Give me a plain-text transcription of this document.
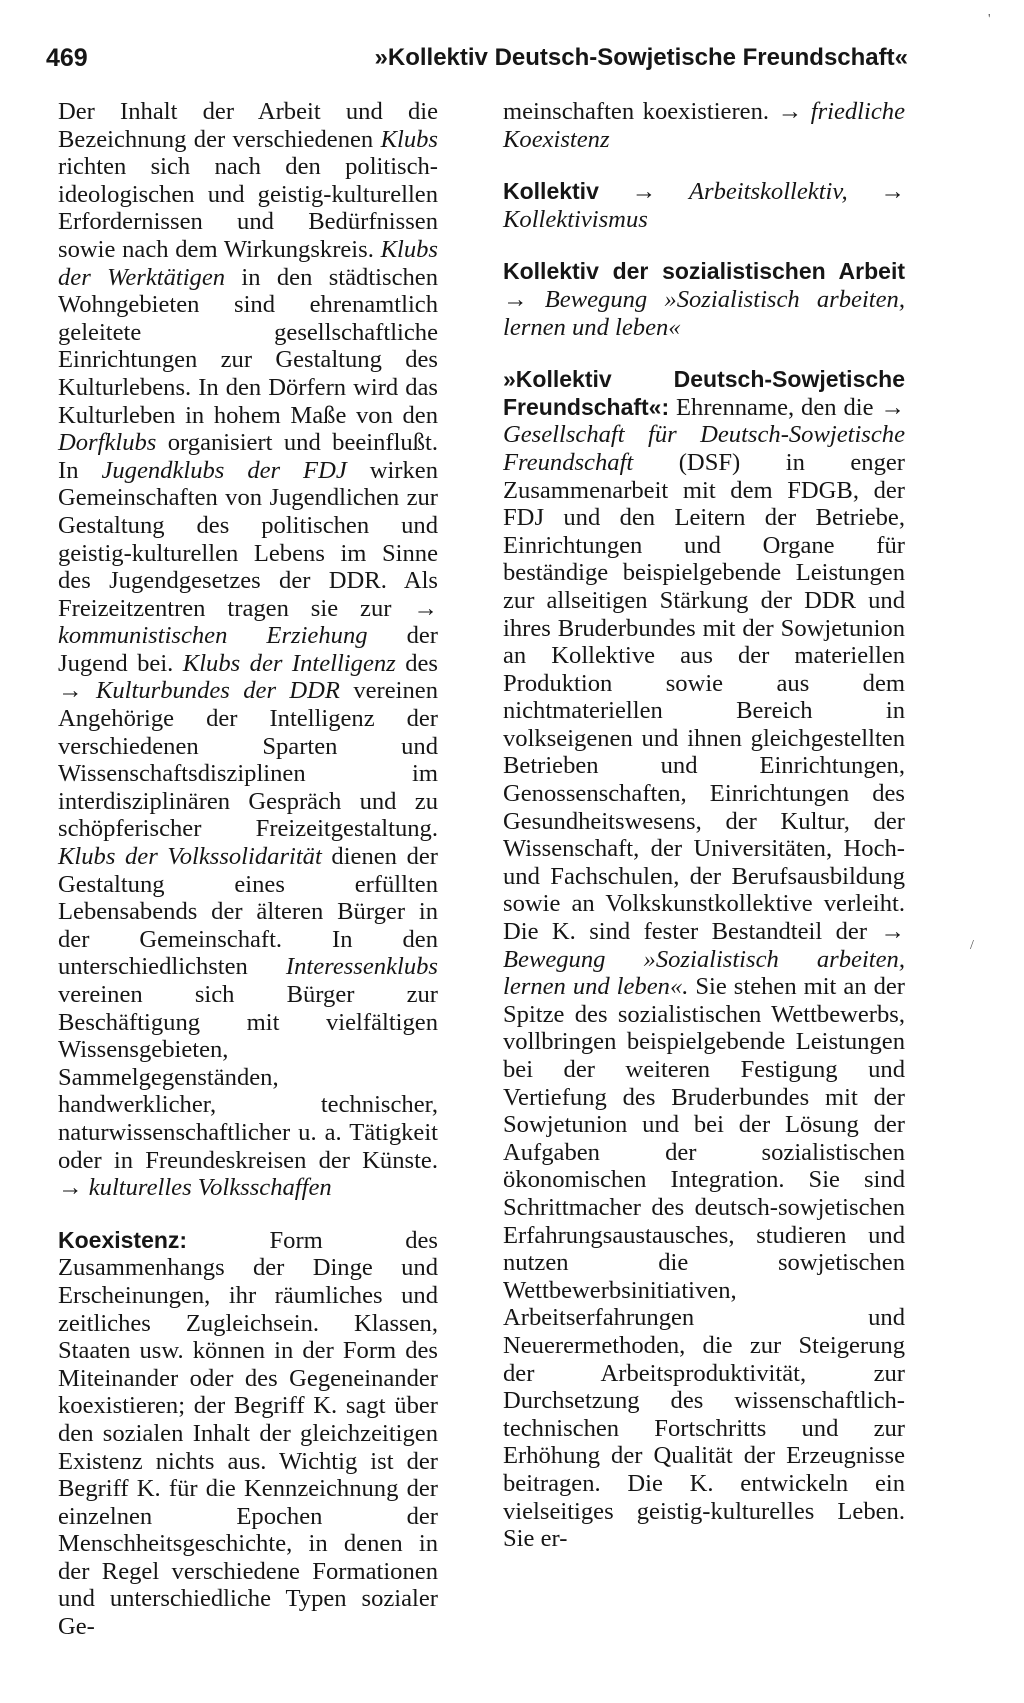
469	»Kollektiv Deutsch-Sowjetische Freundschaft«

Der Inhalt der Arbeit und die Bezeichnung der verschiedenen Klubs richten sich nach den politisch-ideologischen und geistig-kulturellen Erfordernissen und Bedürfnissen sowie nach dem Wirkungskreis. Klubs der Werktätigen in den städtischen Wohngebieten sind ehrenamtlich geleitete gesellschaftliche Einrichtungen zur Gestaltung des Kulturlebens. In den Dörfern wird das Kulturleben in hohem Maße von den Dorfklubs organisiert und beeinflußt. In Jugendklubs der FDJ wirken Gemeinschaften von Jugendlichen zur Gestaltung des politischen und geistig-kulturellen Lebens im Sinne des Jugendgesetzes der DDR. Als Freizeitzentren tragen sie zur → kommunistischen Erziehung der Jugend bei. Klubs der Intelligenz des → Kulturbundes der DDR vereinen Angehörige der Intelligenz der verschiedenen Sparten und Wissenschaftsdisziplinen im interdisziplinären Gespräch und zu schöpferischer Freizeitgestaltung. Klubs der Volkssolidarität dienen der Gestaltung eines erfüllten Lebensabends der älteren Bürger in der Gemeinschaft. In den unterschiedlichsten Interessenklubs vereinen sich Bürger zur Beschäftigung mit vielfältigen Wissensgebieten, Sammelgegenständen, handwerklicher, technischer, naturwissenschaftlicher u. a. Tätigkeit oder in Freundeskreisen der Künste. → kulturelles Volksschaffen

Koexistenz: Form des Zusammenhangs der Dinge und Erscheinungen, ihr räumliches und zeitliches Zugleichsein. Klassen, Staaten usw. können in der Form des Miteinander oder des Gegeneinander koexistieren; der Begriff K. sagt über den sozialen Inhalt der gleichzeitigen Existenz nichts aus. Wichtig ist der Begriff K. für die Kennzeichnung der einzelnen Epochen der Menschheitsgeschichte, in denen in der Regel verschiedene Formationen und unterschiedliche Typen sozialer Ge-

meinschaften koexistieren. → friedliche Koexistenz

Kollektiv → Arbeitskollektiv, → Kollektivismus

Kollektiv der sozialistischen Arbeit → Bewegung »Sozialistisch arbeiten, lernen und leben«

»Kollektiv Deutsch-Sowjetische Freundschaft«: Ehrenname, den die → Gesellschaft für Deutsch-Sowjetische Freundschaft (DSF) in enger Zusammenarbeit mit dem FDGB, der FDJ und den Leitern der Betriebe, Einrichtungen und Organe für beständige beispielgebende Leistungen zur allseitigen Stärkung der DDR und ihres Bruderbundes mit der Sowjetunion an Kollektive aus der materiellen Produktion sowie aus dem nichtmateriellen Bereich in volkseigenen und ihnen gleichgestellten Betrieben und Einrichtungen, Genossenschaften, Einrichtungen des Gesundheitswesens, der Kultur, der Wissenschaft, der Universitäten, Hoch- und Fachschulen, der Berufsausbildung sowie an Volkskunstkollektive verleiht. Die K. sind fester Bestandteil der → Bewegung »Sozialistisch arbeiten, lernen und leben«. Sie stehen mit an der Spitze des sozialistischen Wettbewerbs, vollbringen beispielgebende Leistungen bei der weiteren Festigung und Vertiefung des Bruderbundes mit der Sowjetunion und bei der Lösung der Aufgaben der sozialistischen ökonomischen Integration. Sie sind Schrittmacher des deutsch-sowjetischen Erfahrungsaustausches, studieren und nutzen die sowjetischen Wettbewerbsinitiativen, Arbeitserfahrungen und Neuerermethoden, die zur Steigerung der Arbeitsproduktivität, zur Durchsetzung des wissenschaftlich-technischen Fortschritts und zur Erhöhung der Qualität der Erzeugnisse beitragen. Die K. entwickeln ein vielseitiges geistig-kulturelles Leben. Sie er-

'
/
